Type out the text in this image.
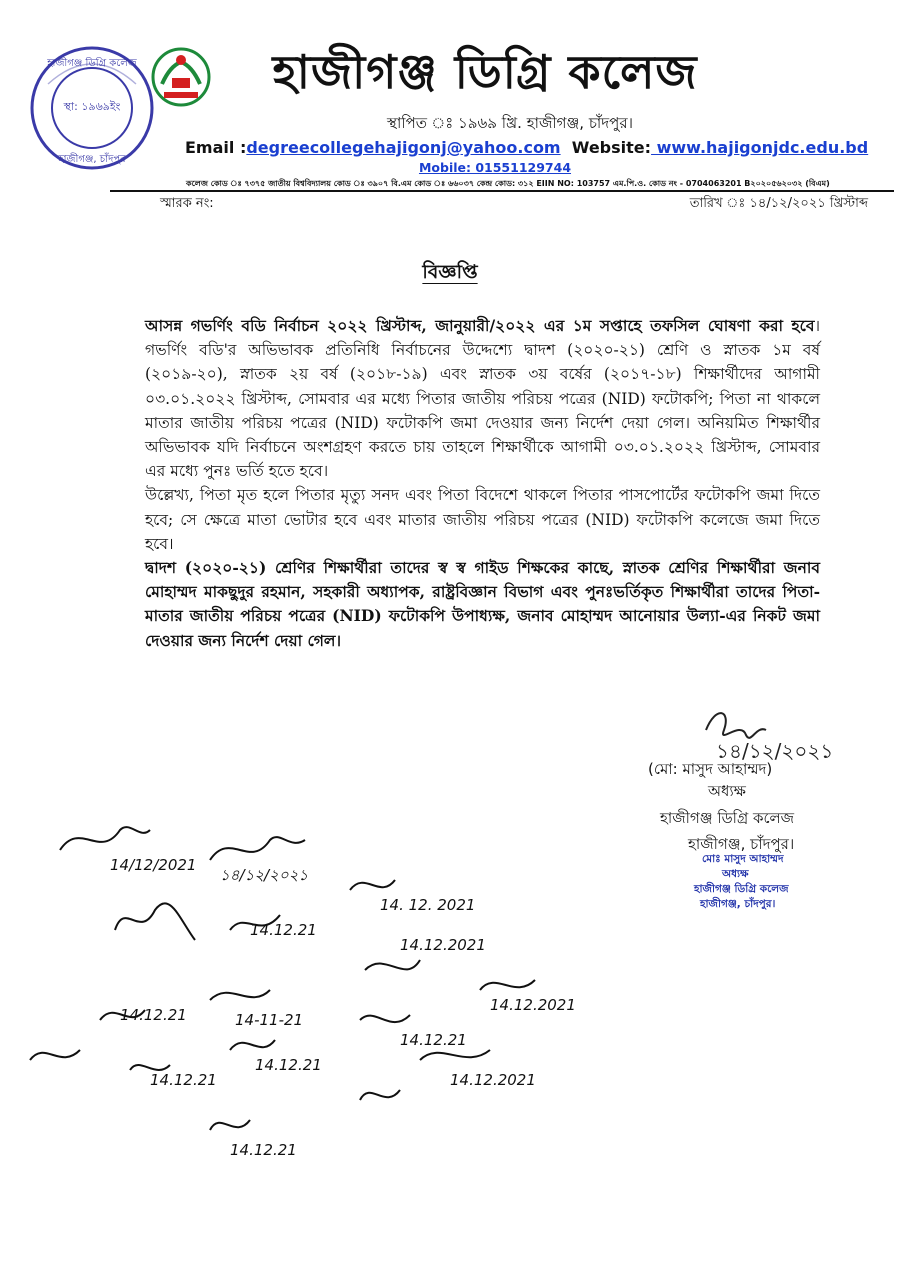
স্থা: ১৯৬৯ইং
হাজীগঞ্জ ডিগ্রি কলেজ
হাজীগঞ্জ, চাঁদপুর
হাজীগঞ্জ ডিগ্রি কলেজ
স্থাপিত ঃ ১৯৬৯ খ্রি. হাজীগঞ্জ, চাঁদপুর।
Email :degreecollegehajigonj@yahoo.com Website: www.hajigonjdc.edu.bd
Mobile: 01551129744
কলেজ কোড ঃ ৭৩৭৫ জাতীয় বিশ্ববিদ্যালয় কোড ঃ ৩৯০৭ বি.এম কোড ঃ ৬৬০৩৭ কেন্দ্র কোড: ৩১২ EIIN NO: 103757 এম.পি.ও. কোড নং - 0704063201 B২০২০৫৬২০৩২ (বিএম)
স্মারক নং:	তারিখ ঃ ১৪/১২/২০২১ খ্রিস্টাব্দ
বিজ্ঞপ্তি

আসন্ন গভর্ণিং বডি নির্বাচন ২০২২ খ্রিস্টাব্দ, জানুয়ারী/২০২২ এর ১ম সপ্তাহে তফসিল ঘোষণা করা হবে। গভর্ণিং বডি'র অভিভাবক প্রতিনিধি নির্বাচনের উদ্দেশ্যে দ্বাদশ (২০২০-২১) শ্রেণি ও স্নাতক ১ম বর্ষ (২০১৯-২০), স্নাতক ২য় বর্ষ (২০১৮-১৯) এবং স্নাতক ৩য় বর্ষের (২০১৭-১৮) শিক্ষার্থীদের আগামী ০৩.০১.২০২২ খ্রিস্টাব্দ, সোমবার এর মধ্যে পিতার জাতীয় পরিচয় পত্রের (NID) ফটোকপি; পিতা না থাকলে মাতার জাতীয় পরিচয় পত্রের (NID) ফটোকপি জমা দেওয়ার জন্য নির্দেশ দেয়া গেল। অনিয়মিত শিক্ষার্থীর অভিভাবক যদি নির্বাচনে অংশগ্রহণ করতে চায় তাহলে শিক্ষার্থীকে আগামী ০৩.০১.২০২২ খ্রিস্টাব্দ, সোমবার এর মধ্যে পুনঃ ভর্তি হতে হবে।

উল্লেখ্য, পিতা মৃত হলে পিতার মৃত্যু সনদ এবং পিতা বিদেশে থাকলে পিতার পাসপোর্টের ফটোকপি জমা দিতে হবে; সে ক্ষেত্রে মাতা ভোটার হবে এবং মাতার জাতীয় পরিচয় পত্রের (NID) ফটোকপি কলেজে জমা দিতে হবে।

দ্বাদশ (২০২০-২১) শ্রেণির শিক্ষার্থীরা তাদের স্ব স্ব গাইড শিক্ষকের কাছে, স্নাতক শ্রেণির শিক্ষার্থীরা জনাব মোহাম্মদ মাকছুদুর রহমান, সহকারী অধ্যাপক, রাষ্ট্রবিজ্ঞান বিভাগ এবং পুনঃভর্তিকৃত শিক্ষার্থীরা তাদের পিতা-মাতার জাতীয় পরিচয় পত্রের (NID) ফটোকপি উপাধ্যক্ষ, জনাব মোহাম্মদ আনোয়ার উল্যা-এর নিকট জমা দেওয়ার জন্য নির্দেশ দেয়া গেল।

১৪/১২/২০২১
(মো: মাসুদ আহাম্মদ)
অধ্যক্ষ
হাজীগঞ্জ ডিগ্রি কলেজ
হাজীগঞ্জ, চাঁদপুর।
মোঃ মাসুদ আহাম্মদ
অধ্যক্ষ
হাজীগঞ্জ ডিগ্রি কলেজ
হাজীগঞ্জ, চাঁদপুর।
14/12/2021
১৪/১২/২০২১
14. 12. 2021
14.12.21
14.12.2021
14.12.2021
14.12.21	14-11-21
14.12.21
14.12.21
14.12.21
14.12.2021
14.12.21
